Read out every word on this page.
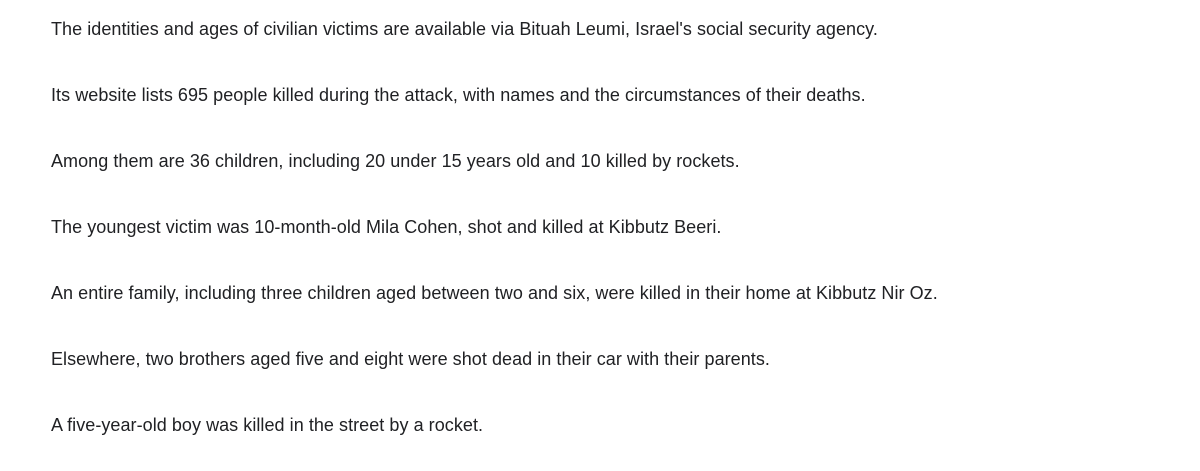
The identities and ages of civilian victims are available via Bituah Leumi, Israel's social security agency.

Its website lists 695 people killed during the attack, with names and the circumstances of their deaths.

Among them are 36 children, including 20 under 15 years old and 10 killed by rockets.

The youngest victim was 10-month-old Mila Cohen, shot and killed at Kibbutz Beeri.

An entire family, including three children aged between two and six, were killed in their home at Kibbutz Nir Oz.

Elsewhere, two brothers aged five and eight were shot dead in their car with their parents.

A five-year-old boy was killed in the street by a rocket.
